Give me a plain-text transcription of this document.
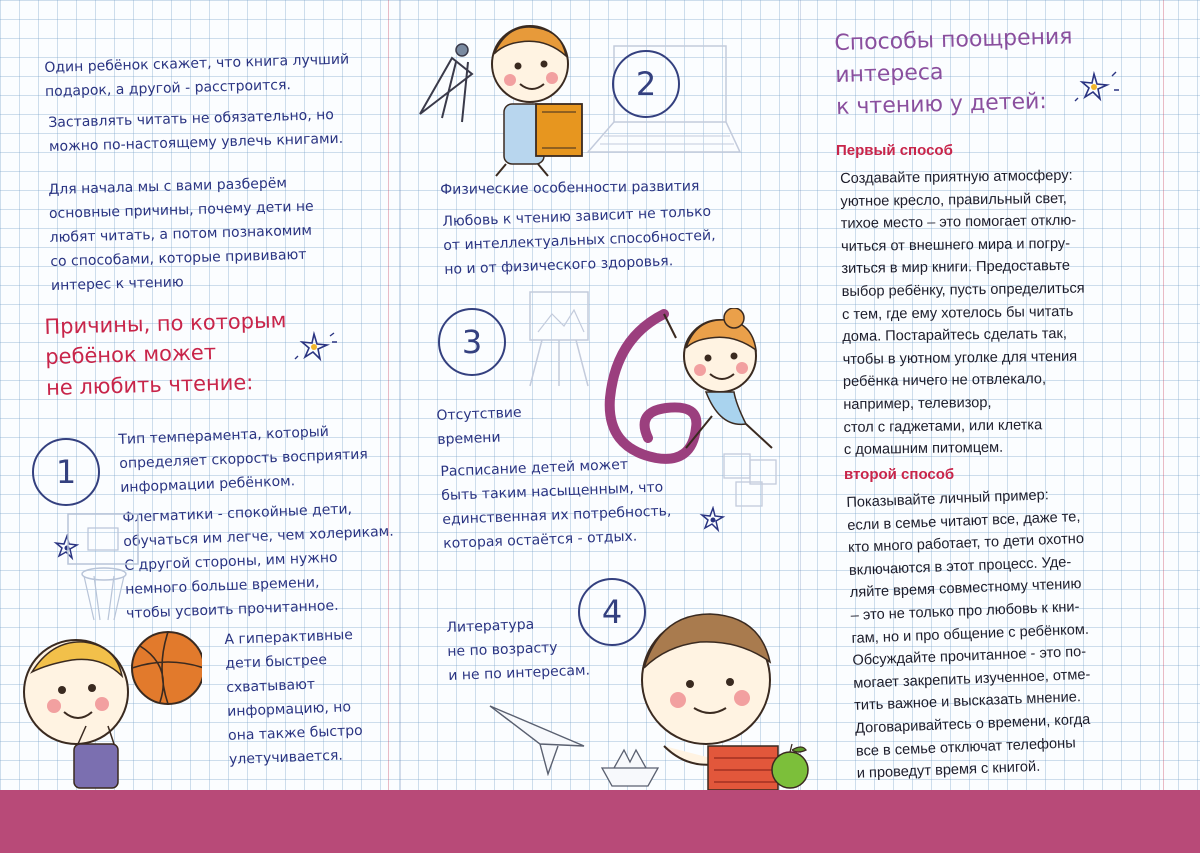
Один ребёнок скажет, что книга лучший

подарок, а другой - расстроится.

Заставлять читать не обязательно, но

можно по-настоящему увлечь книгами.

Для начала мы с вами разберём

основные причины, почему дети не

любят читать, а потом познакомим

со способами, которые прививают

интерес к чтению

Причины, по которым

ребёнок может

не любить чтение:

1

Тип темперамента, который

определяет скорость восприятия

информации ребёнком.

Флегматики - спокойные дети,

обучаться им легче, чем холерикам.

С другой стороны, им нужно

немного больше времени,

чтобы усвоить прочитанное.

А гиперактивные

дети быстрее

схватывают

информацию, но

она также быстро

улетучивается.

2

Физические особенности развития

Любовь к чтению зависит не только

от интеллектуальных способностей,

но и от физического здоровья.

3

Отсутствие

времени

Расписание детей может

быть таким насыщенным, что

единственная их потребность,

которая остаётся - отдых.

4

Литература

не по возрасту

и не по интересам.

Способы поощрения

интереса

к чтению у детей:

Первый способ

Создавайте приятную атмосферу:

уютное кресло, правильный свет,

тихое место – это помогает отклю-

читься от внешнего мира и погру-

зиться в мир книги. Предоставьте

выбор ребёнку, пусть определиться

с тем, где ему хотелось бы читать

дома. Постарайтесь сделать так,

чтобы в уютном уголке для чтения

ребёнка ничего не отвлекало,

например, телевизор,

стол с гаджетами, или клетка

с домашним питомцем.

второй способ

Показывайте личный пример:

если в семье читают все, даже те,

кто много работает, то дети охотно

включаются в этот процесс. Уде-

ляйте время совместному чтению

– это не только про любовь к кни-

гам, но и про общение с ребёнком.

Обсуждайте прочитанное - это по-

могает закрепить изученное, отме-

тить важное и высказать мнение.

Договаривайтесь о времени, когда

все в семье отключат телефоны

и проведут время с книгой.
